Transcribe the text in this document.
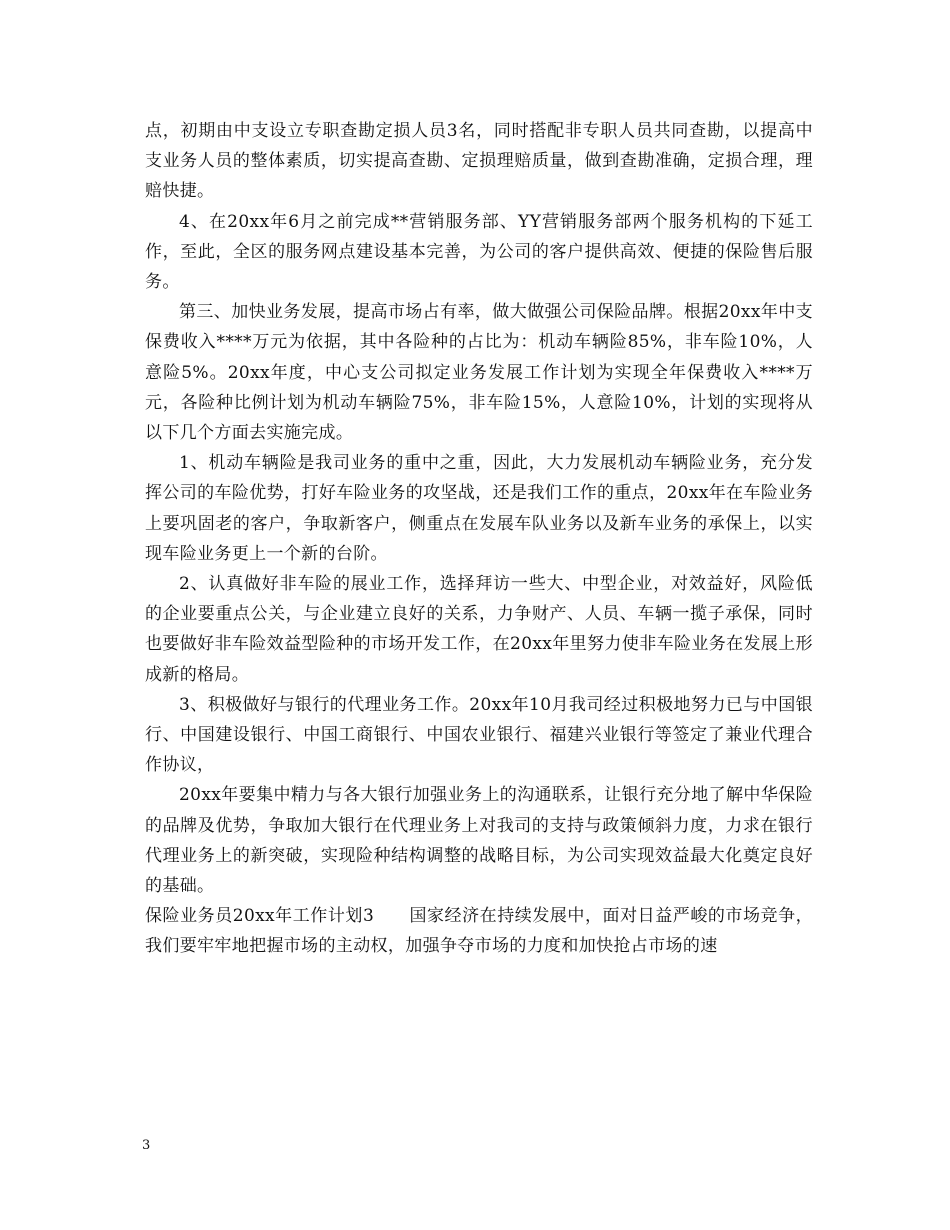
点，初期由中支设立专职查勘定损人员3名，同时搭配非专职人员共同查勘，以提高中支业务人员的整体素质，切实提高查勘、定损理赔质量，做到查勘准确，定损合理，理赔快捷。

4、在20xx年6月之前完成**营销服务部、YY营销服务部两个服务机构的下延工作，至此，全区的服务网点建设基本完善，为公司的客户提供高效、便捷的保险售后服务。

第三、加快业务发展，提高市场占有率，做大做强公司保险品牌。根据20xx年中支保费收入****万元为依据，其中各险种的占比为：机动车辆险85%，非车险10%，人意险5%。20xx年度，中心支公司拟定业务发展工作计划为实现全年保费收入****万元，各险种比例计划为机动车辆险75%，非车险15%，人意险10%，计划的实现将从以下几个方面去实施完成。

1、机动车辆险是我司业务的重中之重，因此，大力发展机动车辆险业务，充分发挥公司的车险优势，打好车险业务的攻坚战，还是我们工作的重点，20xx年在车险业务上要巩固老的客户，争取新客户，侧重点在发展车队业务以及新车业务的承保上，以实现车险业务更上一个新的台阶。

2、认真做好非车险的展业工作，选择拜访一些大、中型企业，对效益好，风险低的企业要重点公关，与企业建立良好的关系，力争财产、人员、车辆一揽子承保，同时也要做好非车险效益型险种的市场开发工作，在20xx年里努力使非车险业务在发展上形成新的格局。

3、积极做好与银行的代理业务工作。20xx年10月我司经过积极地努力已与中国银行、中国建设银行、中国工商银行、中国农业银行、福建兴业银行等签定了兼业代理合作协议，

20xx年要集中精力与各大银行加强业务上的沟通联系，让银行充分地了解中华保险的品牌及优势，争取加大银行在代理业务上对我司的支持与政策倾斜力度，力求在银行代理业务上的新突破，实现险种结构调整的战略目标，为公司实现效益最大化奠定良好的基础。

保险业务员20xx年工作计划3　　国家经济在持续发展中，面对日益严峻的市场竞争，我们要牢牢地把握市场的主动权，加强争夺市场的力度和加快抢占市场的速

3
